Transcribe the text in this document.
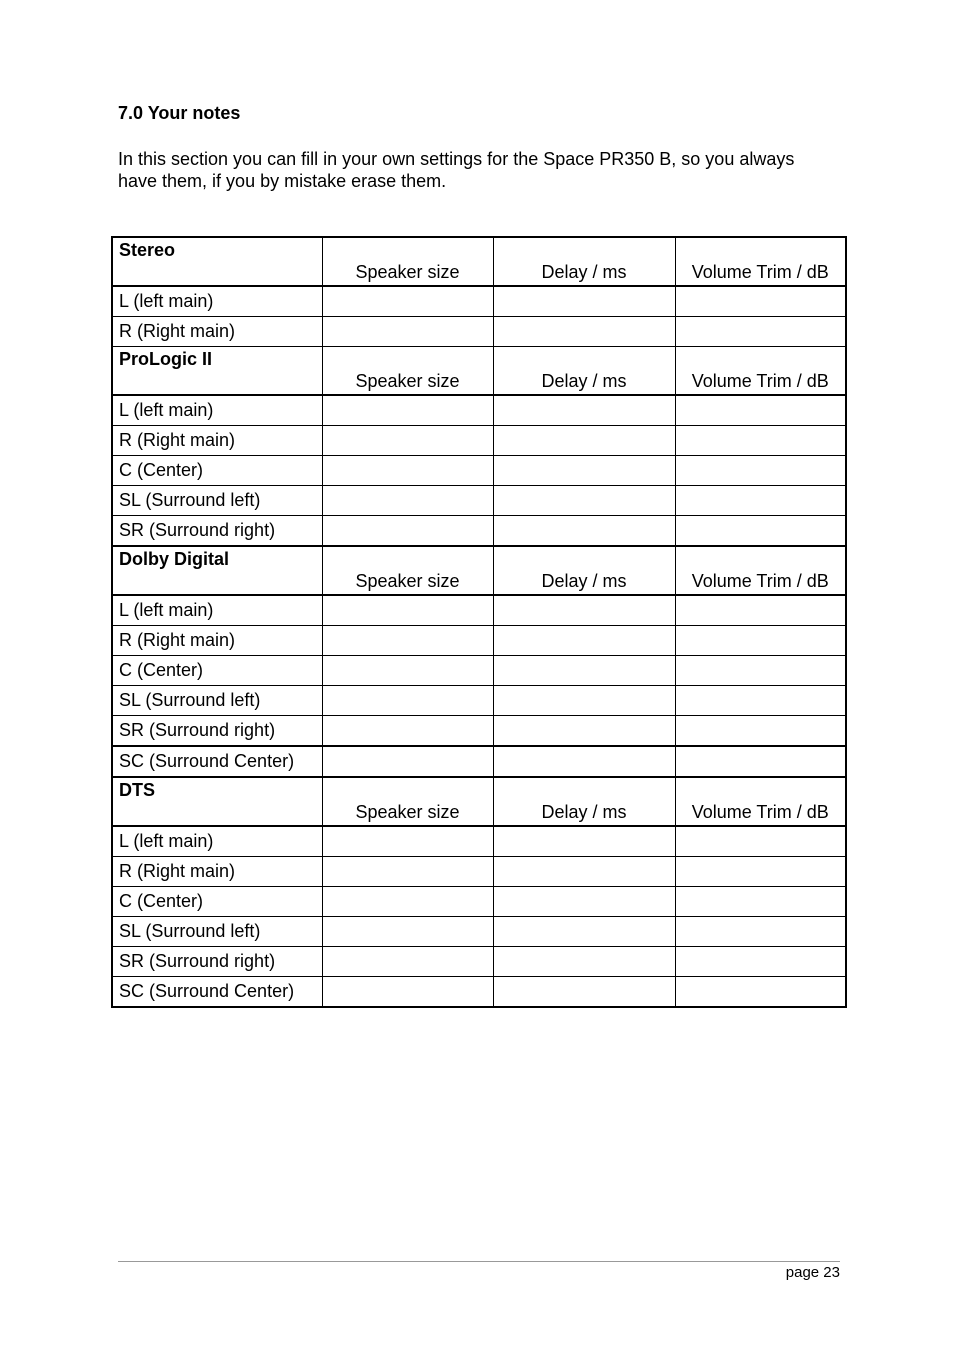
7.0 Your notes
In this section you can fill in your own settings for the Space PR350 B, so you always have them, if you by mistake erase them.
Stereo	Speaker size	Delay / ms	Volume Trim / dB
L (left main)			
R (Right main)			
ProLogic II	Speaker size	Delay / ms	Volume Trim / dB
L (left main)			
R (Right main)			
C (Center)			
SL (Surround left)			
SR (Surround right)			
Dolby Digital	Speaker size	Delay / ms	Volume Trim / dB
L (left main)			
R (Right main)			
C (Center)			
SL (Surround left)			
SR (Surround right)			
SC (Surround Center)			
DTS	Speaker size	Delay / ms	Volume Trim / dB
L (left main)			
R (Right main)			
C (Center)			
SL (Surround left)			
SR (Surround right)			
SC (Surround Center)			
page 23
